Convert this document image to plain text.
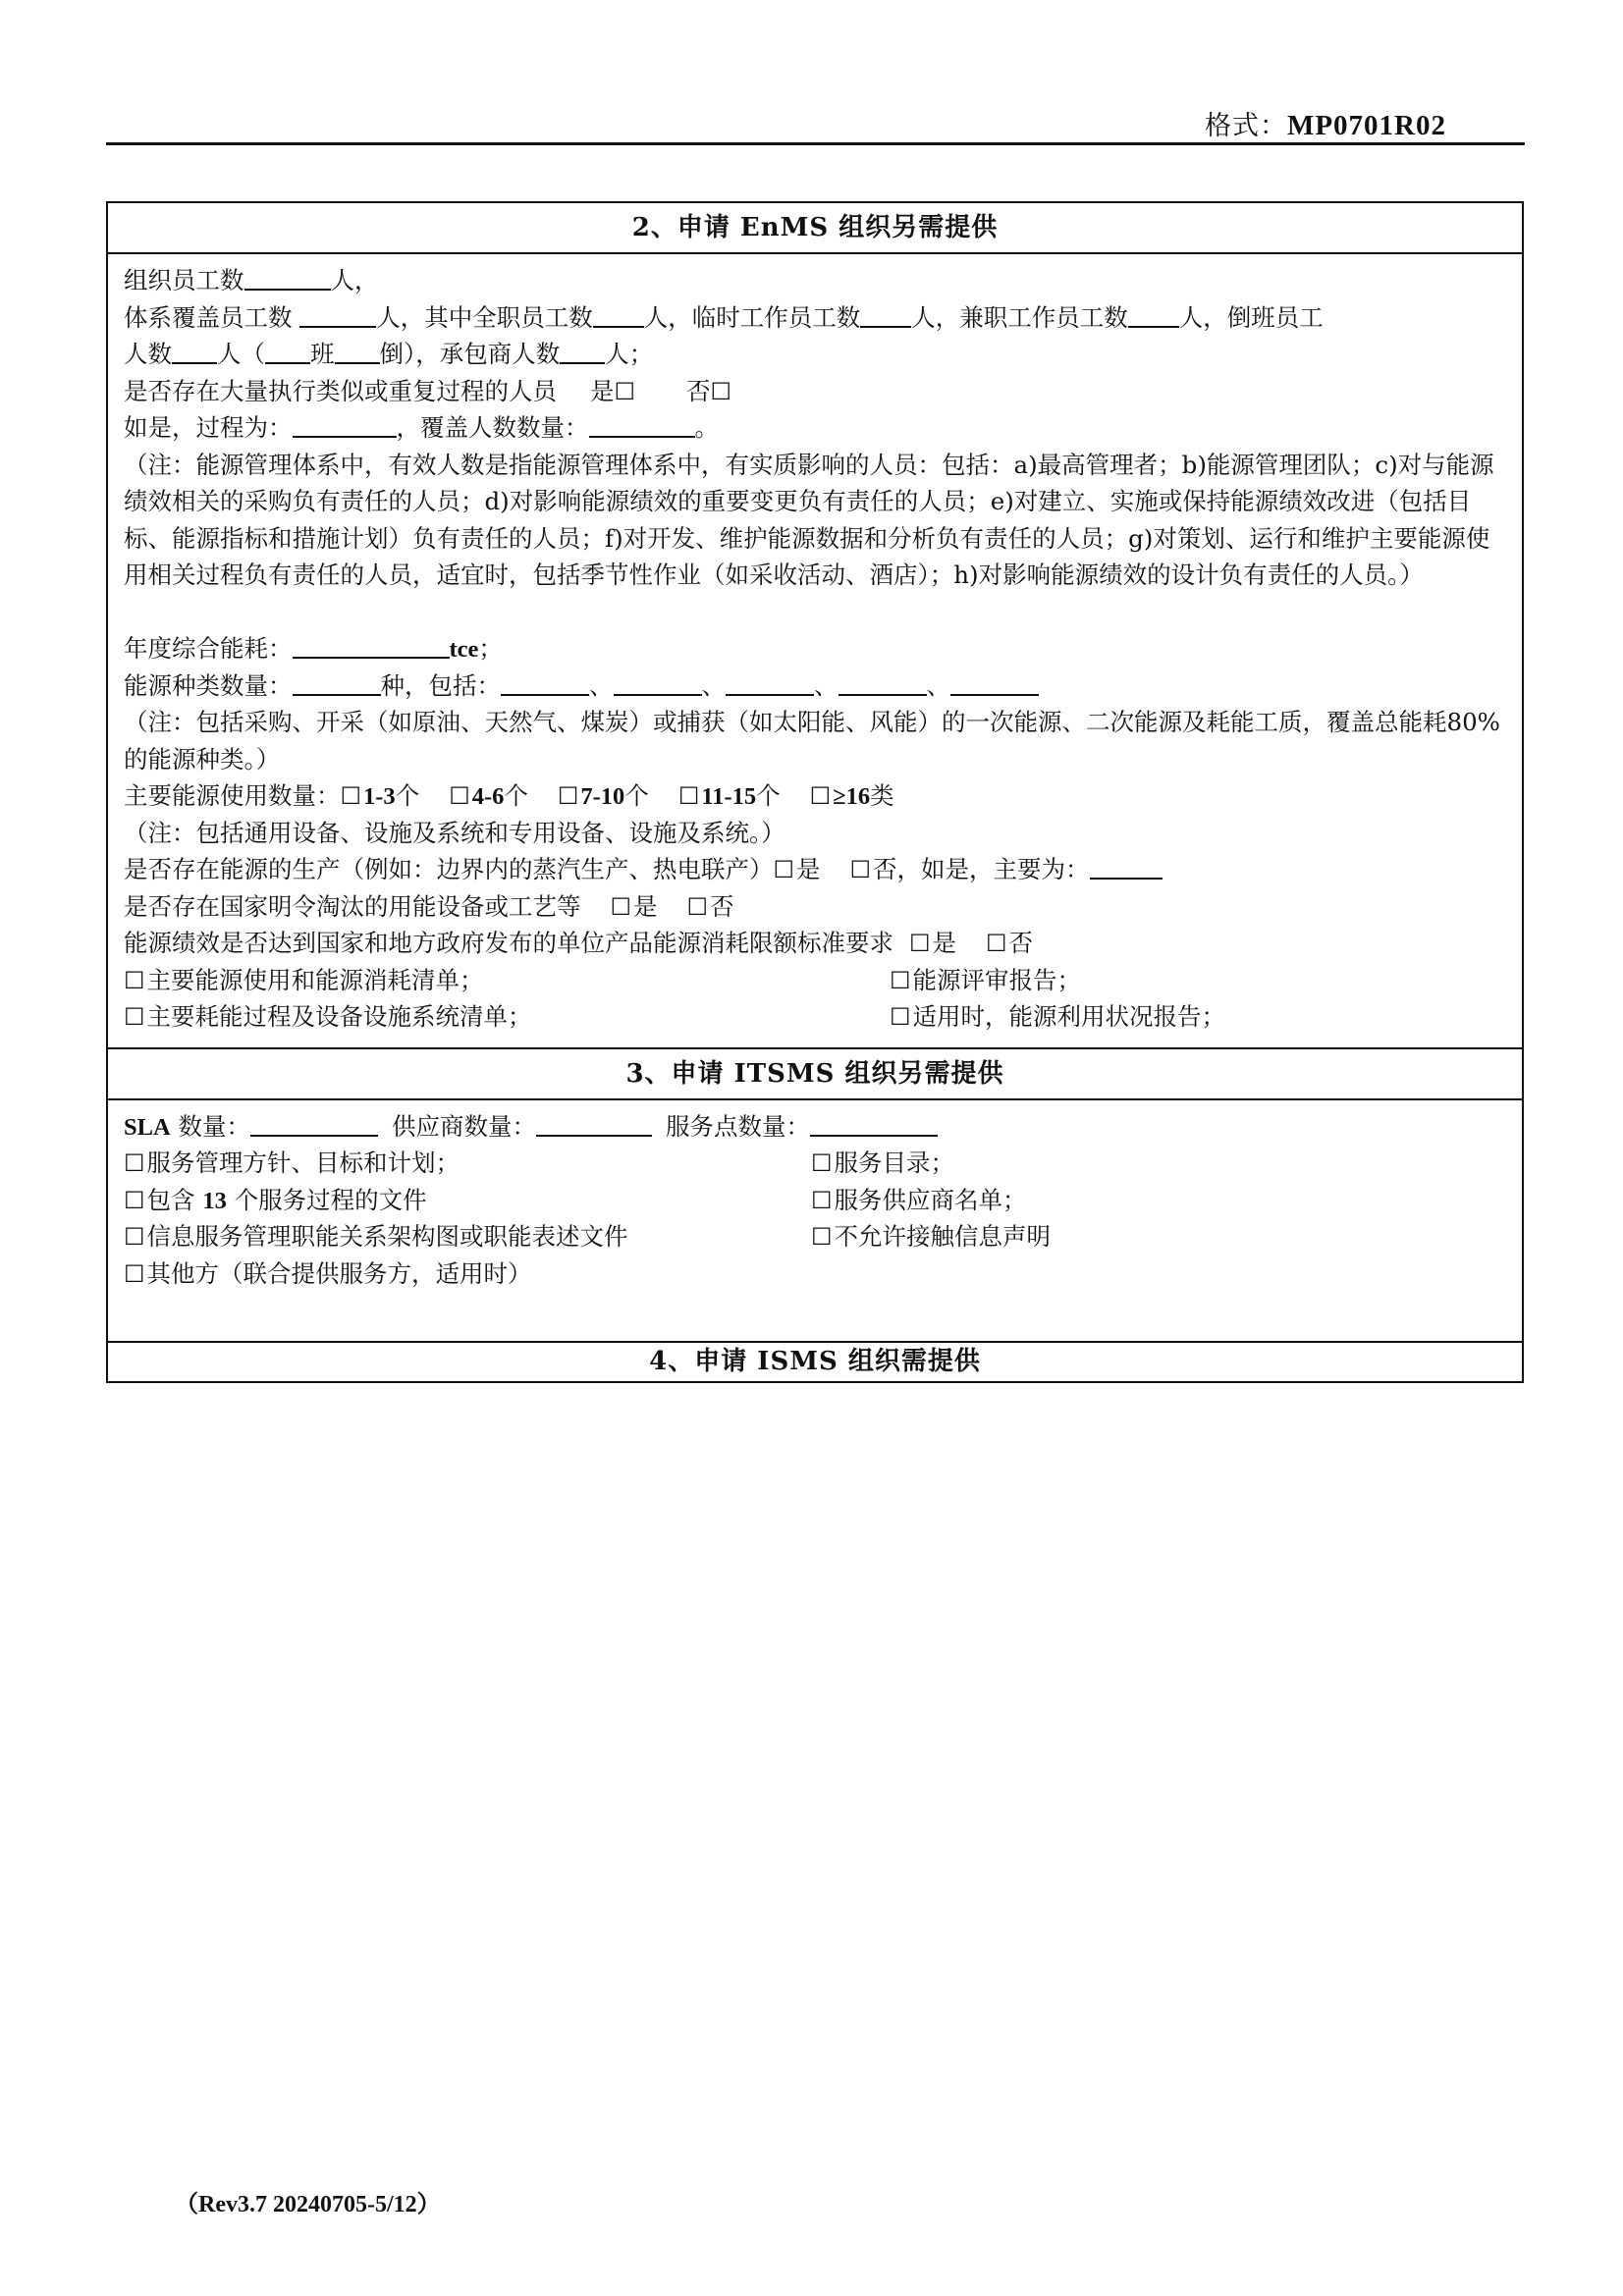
格式：MP0701R02
2、申请 EnMS 组织另需提供
组织员工数	人，
体系覆盖员工数	人，其中全职员工数 人，临时工作员工数 人，兼职工作员工数 人，倒班员工
人数 人（ 班 倒），承包商人数 人；
是否存在大量执行类似或重复过程的人员 是☐ 否☐
如是，过程为：	，覆盖人数数量：	。
（注：能源管理体系中，有效人数是指能源管理体系中，有实质影响的人员：包括：a)最高管理者；b)能源管理团队；c)对与能源绩效相关的采购负有责任的人员；d)对影响能源绩效的重要变更负有责任的人员；e)对建立、实施或保持能源绩效改进（包括目标、能源指标和措施计划）负有责任的人员；f)对开发、维护能源数据和分析负有责任的人员；g)对策划、运行和维护主要能源使用相关过程负有责任的人员，适宜时，包括季节性作业（如采收活动、酒店）；h)对影响能源绩效的设计负有责任的人员。）
年度综合能耗：	tce；
能源种类数量：	种，包括：	、	、	、	、
（注：包括采购、开采（如原油、天然气、煤炭）或捕获（如太阳能、风能）的一次能源、二次能源及耗能工质，覆盖总能耗80%的能源种类。）
主要能源使用数量：☐1-3个 ☐4-6个 ☐7-10个 ☐11-15个 ☐≥16类
（注：包括通用设备、设施及系统和专用设备、设施及系统。）
是否存在能源的生产（例如：边界内的蒸汽生产、热电联产）☐是 ☐否，如是，主要为：
是否存在国家明令淘汰的用能设备或工艺等 ☐是 ☐否
能源绩效是否达到国家和地方政府发布的单位产品能源消耗限额标准要求 ☐是 ☐否
☐主要能源使用和能源消耗清单；	☐能源评审报告；
☐主要耗能过程及设备设施系统清单；	☐适用时，能源利用状况报告；
3、申请 ITSMS 组织另需提供
SLA 数量：	供应商数量：	服务点数量：
☐服务管理方针、目标和计划；	☐服务目录；
☐包含 13 个服务过程的文件	☐服务供应商名单；
☐信息服务管理职能关系架构图或职能表述文件	☐不允许接触信息声明
☐其他方（联合提供服务方，适用时）
4、申请 ISMS 组织需提供
（Rev3.7 20240705-5/12）
